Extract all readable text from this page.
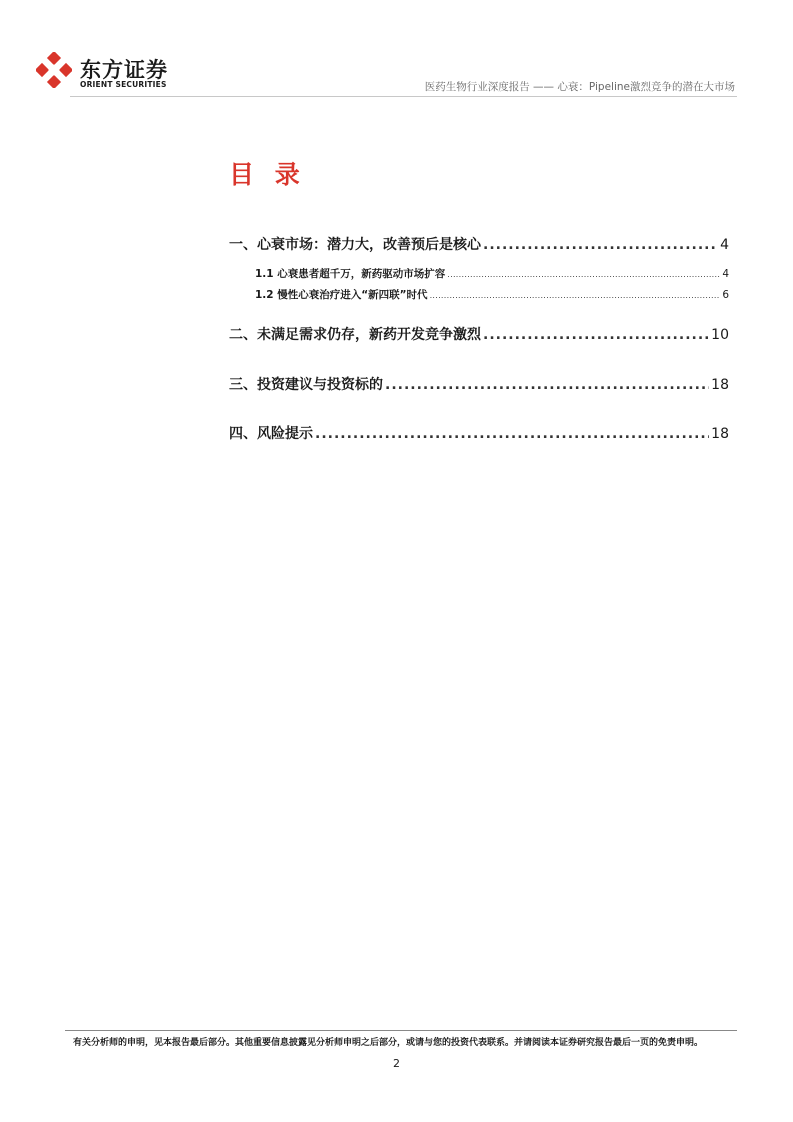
东方证券
ORIENT SECURITIES	医药生物行业深度报告 —— 心衰：Pipeline激烈竞争的潜在大市场
目 录
一、心衰市场：潜力大，改善预后是核心 .....	4
1.1 心衰患者超千万，新药驱动市场扩容 .....	4
1.2 慢性心衰治疗进入“新四联”时代 .....	6
二、未满足需求仍存，新药开发竞争激烈 .....	10
三、投资建议与投资标的 .....	18
四、风险提示 .....	18
有关分析师的申明，见本报告最后部分。其他重要信息披露见分析师申明之后部分，或请与您的投资代表联系。并请阅读本证券研究报告最后一页的免责申明。
2
